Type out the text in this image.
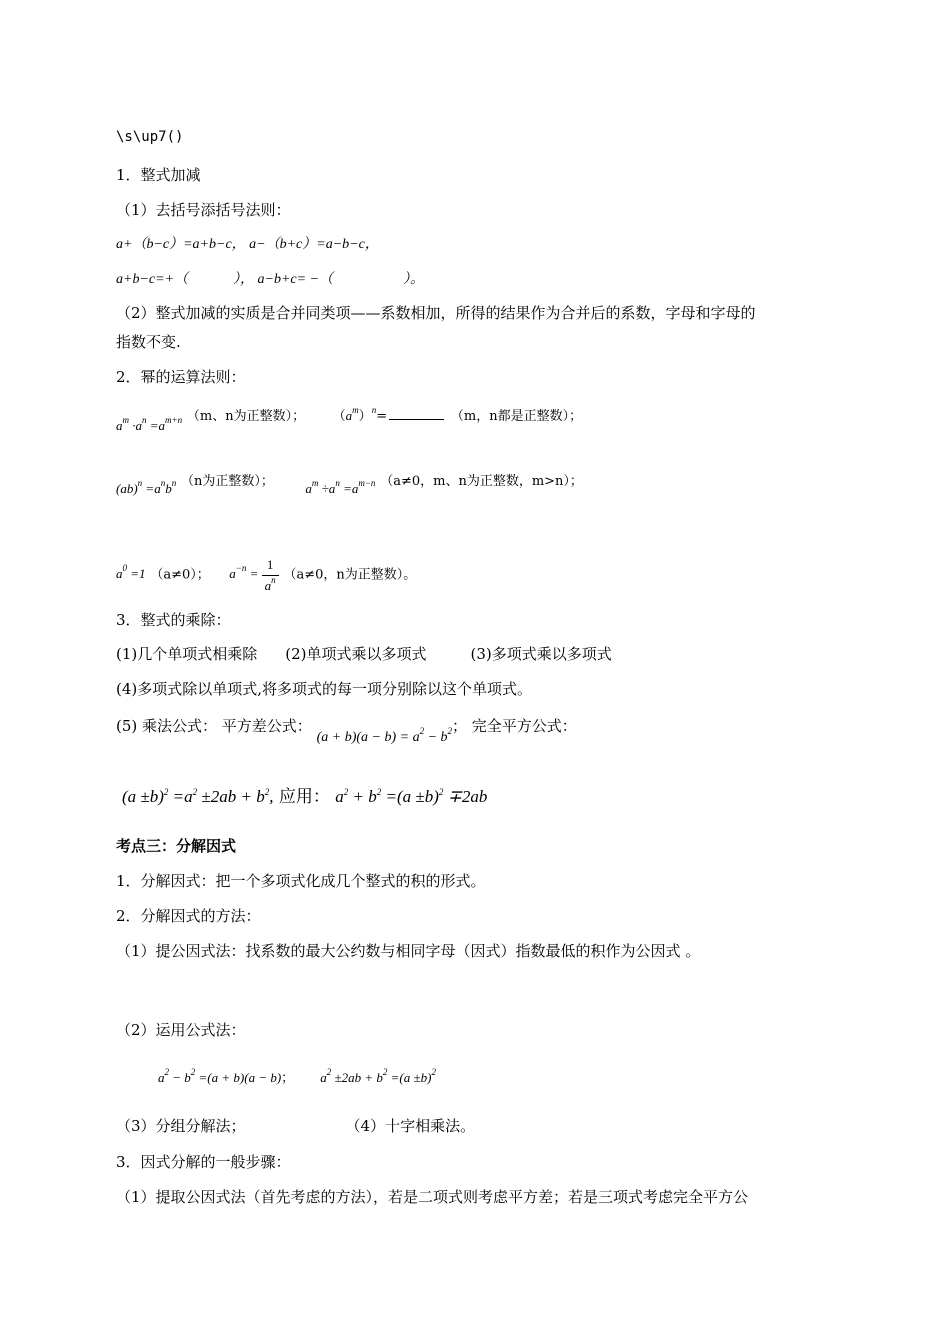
\s\up7()
1．整式加减
（1）去括号添括号法则：
a+（b−c）=a+b−c， a−（b+c）=a−b−c，
a+b−c=+（	）， a−b+c= −（	）。
（2）整式加减的实质是合并同类项——系数相加，所得的结果作为合并后的系数，字母和字母的
指数不变.
2．幂的运算法则：
$a^m \cdot a^n =a^{m+n}$ （m、n为正整数）； $(a^m)^n=$	（m，n都是正整数）；
$(ab)^n =a^nb^n$ （n为正整数）； $a^m \div a^n =a^{m-n}$ （a≠0，m、n为正整数，m>n）；
$a^0 =1$ （a≠0）； $a^{-n} = \frac{1}{a^n} (a\ne 0$，n为正整数）。
3．整式的乘除：
(1)几个单项式相乘除 (2)单项式乘以多项式	(3)多项式乘以多项式
(4)多项式除以单项式,将多项式的每一项分别除以这个单项式。
(5) 乘法公式： 平方差公式： $(a + b)(a - b) = a^2 - b^2$； 完全平方公式：
$(a \pm b)^2 =a^2 \pm 2ab + b^2$, 应用： $a^2 + b^2 =(a \pm b)^2 \mp 2ab$
考点三：分解因式
1．分解因式：把一个多项式化成几个整式的积的形式。
2．分解因式的方法：
（1）提公因式法：找系数的最大公约数与相同字母（因式）指数最低的积作为公因式 。
（2）运用公式法：
$a^2 - b^2 =(a + b)(a - b)$； $a^2 \pm 2ab + b^2 =(a \pm b)^2$
（3）分组分解法；	（4）十字相乘法。
3．因式分解的一般步骤：
（1）提取公因式法（首先考虑的方法），若是二项式则考虑平方差；若是三项式考虑完全平方公
